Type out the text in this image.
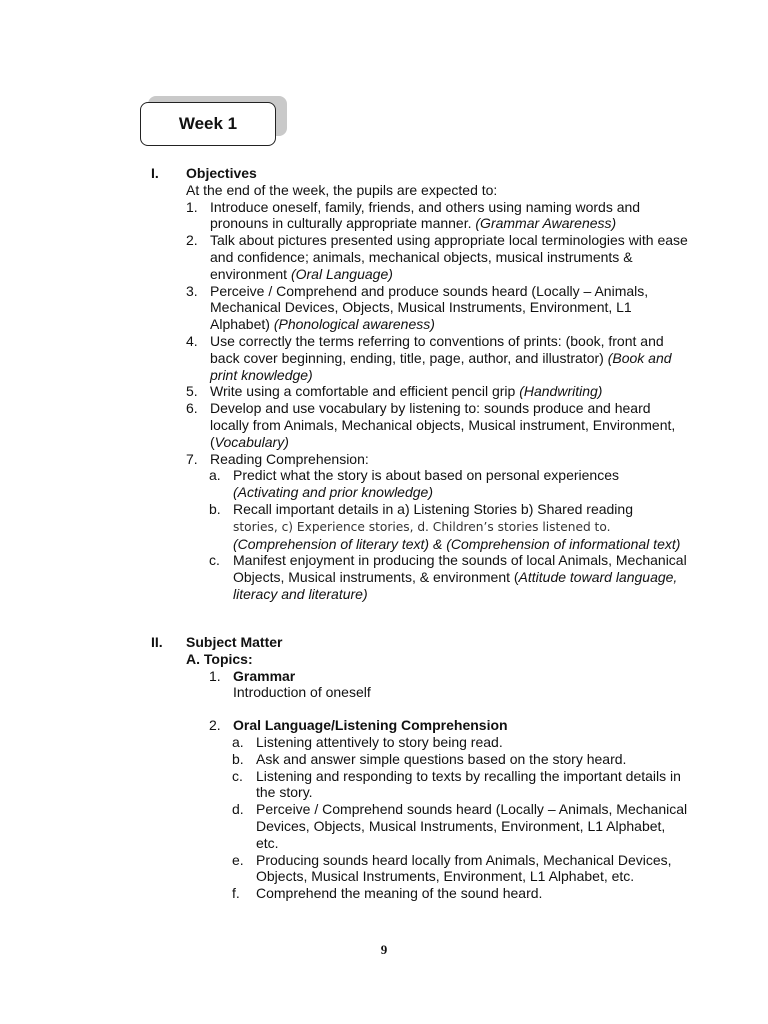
Week 1
I. Objectives
At the end of the week, the pupils are expected to:
1. Introduce oneself, family, friends, and others using naming words and pronouns in culturally appropriate manner. (Grammar Awareness)
2. Talk about pictures presented using appropriate local terminologies with ease and confidence; animals, mechanical objects, musical instruments & environment (Oral Language)
3. Perceive / Comprehend and produce sounds heard (Locally – Animals, Mechanical Devices, Objects, Musical Instruments, Environment, L1 Alphabet) (Phonological awareness)
4. Use correctly the terms referring to conventions of prints: (book, front and back cover beginning, ending, title, page, author, and illustrator) (Book and print knowledge)
5. Write using a comfortable and efficient pencil grip (Handwriting)
6. Develop and use vocabulary by listening to: sounds produce and heard locally from Animals, Mechanical objects, Musical instrument, Environment,(Vocabulary)
7. Reading Comprehension:
a. Predict what the story is about based on personal experiences
(Activating and prior knowledge)
b. Recall important details in a) Listening Stories b) Shared reading
stories, c) Experience stories, d. Children’s stories listened to.
(Comprehension of literary text) & (Comprehension of informational text)
c. Manifest enjoyment in producing the sounds of local Animals, Mechanical Objects, Musical instruments, & environment (Attitude toward language, literacy and literature)
II. Subject Matter
A. Topics:
1. Grammar
Introduction of oneself
2. Oral Language/Listening Comprehension
a. Listening attentively to story being read.
b. Ask and answer simple questions based on the story heard.
c. Listening and responding to texts by recalling the important details in the story.
d. Perceive / Comprehend sounds heard (Locally – Animals, Mechanical Devices, Objects, Musical Instruments, Environment, L1 Alphabet, etc.
e. Producing sounds heard locally from Animals, Mechanical Devices, Objects, Musical Instruments, Environment, L1 Alphabet, etc.
f.	Comprehend the meaning of the sound heard.
9
